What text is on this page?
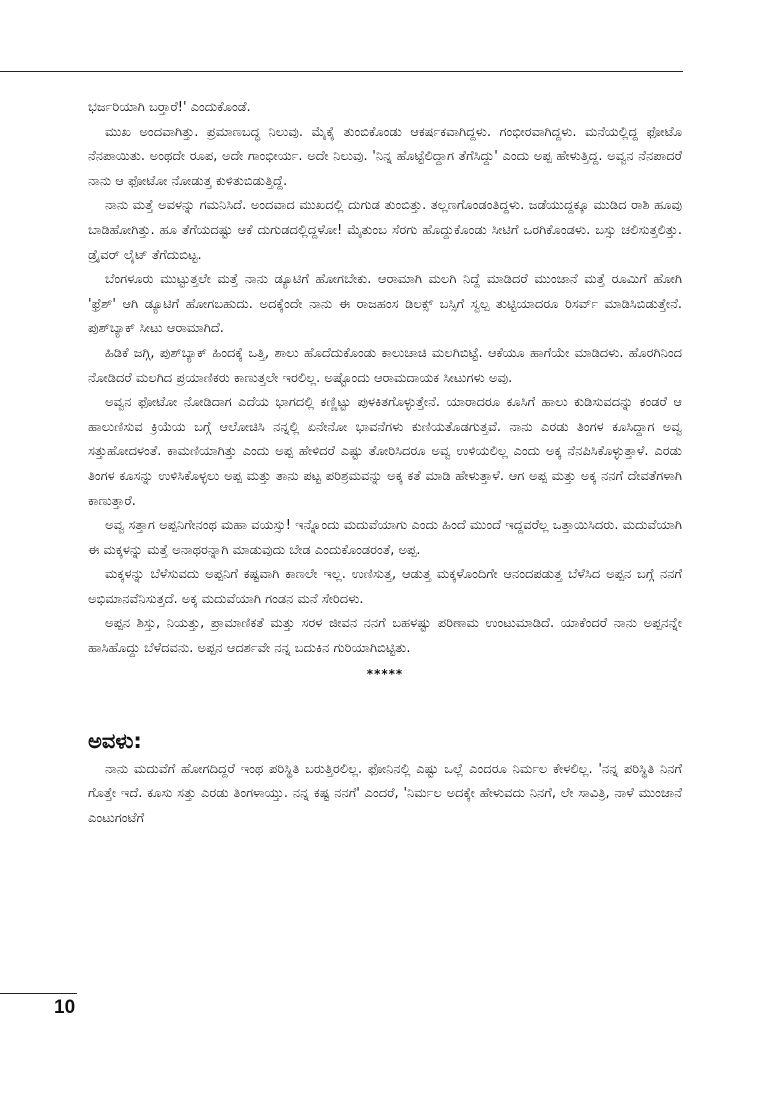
ಭರ್ಜರಿಯಾಗಿ ಬರ್‍ತಾರೆ!' ಎಂದುಕೊಂಡೆ.

ಮುಖ ಅಂದವಾಗಿತ್ತು. ಪ್ರಮಾಣಬದ್ಧ ನಿಲುವು. ಮೈಕೈ ತುಂಬಿಕೊಂಡು ಆಕರ್ಷಕವಾಗಿದ್ದಳು. ಗಂಭೀರವಾಗಿದ್ದಳು. ಮನೆಯಲ್ಲಿದ್ದ ಫೋಟೊ ನೆನಪಾಯಿತು. ಅಂಥದೇ ರೂಪ, ಅದೇ ಗಾಂಭೀರ್ಯ. ಅದೇ ನಿಲುವು. 'ನಿನ್ನ ಹೊಟ್ಟೆಲಿದ್ದಾಗ ತೆಗೆಸಿದ್ದು' ಎಂದು ಅಪ್ಪ ಹೇಳುತ್ತಿದ್ದ. ಅವ್ವನ ನೆನಪಾದರೆ ನಾನು ಆ ಫೋಟೋ ನೋಡುತ್ತ ಕುಳಿತುಬಿಡುತ್ತಿದ್ದೆ.

ನಾನು ಮತ್ತೆ ಅವಳನ್ನು ಗಮನಿಸಿದೆ. ಅಂದವಾದ ಮುಖದಲ್ಲಿ ದುಗುಡ ತುಂಬಿತ್ತು. ತಲ್ಲಣಗೊಂಡಂತಿದ್ದಳು. ಜಡೆಯುದ್ದಕ್ಕೂ ಮುಡಿದ ರಾಶಿ ಹೂವು ಬಾಡಿಹೋಗಿತ್ತು. ಹೂ ತೆಗೆಯದಷ್ಟು ಆಕೆ ದುಗುಡದಲ್ಲಿದ್ದಳೋ! ಮೈತುಂಬ ಸೆರಗು ಹೊದ್ದುಕೊಂಡು ಸೀಟಿಗೆ ಒರಗಿಕೊಂಡಳು. ಬಸ್ಸು ಚಲಿಸುತ್ತಲಿತ್ತು. ಡ್ರೈವರ್ ಲೈಟ್ ತೆಗೆದುಬಿಟ್ಟ.

ಬೆಂಗಳೂರು ಮುಟ್ಟುತ್ತಲೇ ಮತ್ತೆ ನಾನು ಡ್ಯೂಟಿಗೆ ಹೋಗಬೇಕು. ಆರಾಮಾಗಿ ಮಲಗಿ ನಿದ್ದೆ ಮಾಡಿದರೆ ಮುಂಜಾನೆ ಮತ್ತೆ ರೂಮಿಗೆ ಹೋಗಿ 'ಫ್ರೆಶ್' ಆಗಿ ಡ್ಯೂಟಿಗೆ ಹೋಗಬಹುದು. ಅದಕ್ಕೆಂದೇ ನಾನು ಈ ರಾಜಹಂಸ ಡಿಲಕ್ಸ್ ಬಸ್ಸಿಗೆ ಸ್ವಲ್ಪ ತುಟ್ಟಿಯಾದರೂ ರಿಸರ್ವ್ ಮಾಡಿಸಿಬಿಡುತ್ತೇನೆ. ಪುಶ್‌ಬ್ಯಾಕ್ ಸೀಟು ಆರಾಮಾಗಿದೆ.

ಹಿಡಿಕೆ ಜಗ್ಗಿ, ಪುಶ್‌ಬ್ಯಾಕ್ ಹಿಂದಕ್ಕೆ ಒತ್ತಿ, ಶಾಲು ಹೊದೆದುಕೊಂಡು ಕಾಲುಚಾಚಿ ಮಲಗಿಬಿಟ್ಟೆ. ಆಕೆಯೂ ಹಾಗೆಯೇ ಮಾಡಿದಳು. ಹೊರಗಿನಿಂದ ನೋಡಿದರೆ ಮಲಗಿದ ಪ್ರಯಾಣಿಕರು ಕಾಣುತ್ತಲೇ ಇರಲಿಲ್ಲ. ಅಷ್ಟೊಂದು ಆರಾಮದಾಯಕ ಸೀಟುಗಳು ಅವು.

ಅವ್ವನ ಫೋಟೋ ನೋಡಿದಾಗ ಎದೆಯ ಭಾಗದಲ್ಲಿ ಕಣ್ಣಿಟ್ಟು ಪುಳಕಿತಗೊಳ್ಳುತ್ತೇನೆ. ಯಾರಾದರೂ ಕೂಸಿಗೆ ಹಾಲು ಕುಡಿಸುವದನ್ನು ಕಂಡರೆ ಆ ಹಾಲುಣಿಸುವ ಕ್ರಿಯೆಯ ಬಗ್ಗೆ ಆಲೋಚಿಸಿ ನನ್ನಲ್ಲಿ ಏನೇನೋ ಭಾವನೆಗಳು ಕುಣಿಯತೊಡಗುತ್ತವೆ. ನಾನು ಎರಡು ತಿಂಗಳ ಕೂಸಿದ್ದಾಗ ಅವ್ವ ಸತ್ತುಹೋದಳಂತೆ. ಕಾಮಣಿಯಾಗಿತ್ತು ಎಂದು ಅಪ್ಪ ಹೇಳಿದರೆ ಎಷ್ಟು ತೋರಿಸಿದರೂ ಅವ್ವ ಉಳಿಯಲಿಲ್ಲ ಎಂದು ಅಕ್ಕ ನೆನಪಿಸಿಕೊಳ್ಳುತ್ತಾಳೆ. ಎರಡು ತಿಂಗಳ ಕೂಸನ್ನು ಉಳಿಸಿಕೊಳ್ಳಲು ಅಪ್ಪ ಮತ್ತು ತಾನು ಪಟ್ಟ ಪರಿಶ್ರಮವನ್ನು ಅಕ್ಕ ಕತೆ ಮಾಡಿ ಹೇಳುತ್ತಾಳೆ. ಆಗ ಅಪ್ಪ ಮತ್ತು ಅಕ್ಕ ನನಗೆ ದೇವತೆಗಳಾಗಿ ಕಾಣುತ್ತಾರೆ.

ಅವ್ವ ಸತ್ತಾಗ ಅಪ್ಪನಿಗೇನಂಥ ಮಹಾ ವಯಸ್ಸು! ಇನ್ನೊಂದು ಮದುವೆಯಾಗು ಎಂದು ಹಿಂದೆ ಮುಂದೆ ಇದ್ದವರೆಲ್ಲ ಒತ್ತಾಯಿಸಿದರು. ಮದುವೆಯಾಗಿ ಈ ಮಕ್ಕಳನ್ನು ಮತ್ತೆ ಅನಾಥರನ್ನಾಗಿ ಮಾಡುವುದು ಬೇಡ ಎಂದುಕೊಂಡರಂತೆ, ಅಪ್ಪ.

ಮಕ್ಕಳನ್ನು ಬೆಳೆಸುವದು ಅಪ್ಪನಿಗೆ ಕಷ್ಟವಾಗಿ ಕಾಣಲೇ ಇಲ್ಲ. ಉಣಿಸುತ್ತ, ಆಡುತ್ತ ಮಕ್ಕಳೊಂದಿಗೇ ಆನಂದಪಡುತ್ತ ಬೆಳೆಸಿದ ಅಪ್ಪನ ಬಗ್ಗೆ ನನಗೆ ಅಭಿಮಾನವೆನಿಸುತ್ತದೆ. ಅಕ್ಕ ಮದುವೆಯಾಗಿ ಗಂಡನ ಮನೆ ಸೇರಿದಳು.

ಅಪ್ಪನ ಶಿಸ್ತು, ನಿಯತ್ತು, ಪ್ರಾಮಾಣಿಕತೆ ಮತ್ತು ಸರಳ ಜೀವನ ನನಗೆ ಬಹಳಷ್ಟು ಪರಿಣಾಮ ಉಂಟುಮಾಡಿದೆ. ಯಾಕೆಂದರೆ ನಾನು ಅಪ್ಪನನ್ನೇ ಹಾಸಿಹೊದ್ದು ಬೆಳೆದವನು. ಅಪ್ಪನ ಆದರ್ಶವೇ ನನ್ನ ಬದುಕಿನ ಗುರಿಯಾಗಿಬಿಟ್ಟಿತು.

*****
ಅವಳು:

ನಾನು ಮದುವೆಗೆ ಹೋಗದಿದ್ದರೆ ಇಂಥ ಪರಿಸ್ಥಿತಿ ಬರುತ್ತಿರಲಿಲ್ಲ. ಫೋನಿನಲ್ಲಿ ಎಷ್ಟು ಒಲ್ಲೆ ಎಂದರೂ ನಿರ್ಮಲ ಕೇಳಲಿಲ್ಲ. 'ನನ್ನ ಪರಿಸ್ಥಿತಿ ನಿನಗೆ ಗೊತ್ತೇ ಇದೆ. ಕೂಸು ಸತ್ತು ಎರಡು ತಿಂಗಳಾಯ್ತು. ನನ್ನ ಕಷ್ಟ ನನಗೆ' ಎಂದರೆ, 'ನಿರ್ಮಲ ಅದಕ್ಕೇ ಹೇಳುವದು ನಿನಗೆ, ಲೇ ಸಾವಿತ್ರಿ, ನಾಳೆ ಮುಂಜಾನೆ ಎಂಟುಗಂಟೆಗೆ

10
